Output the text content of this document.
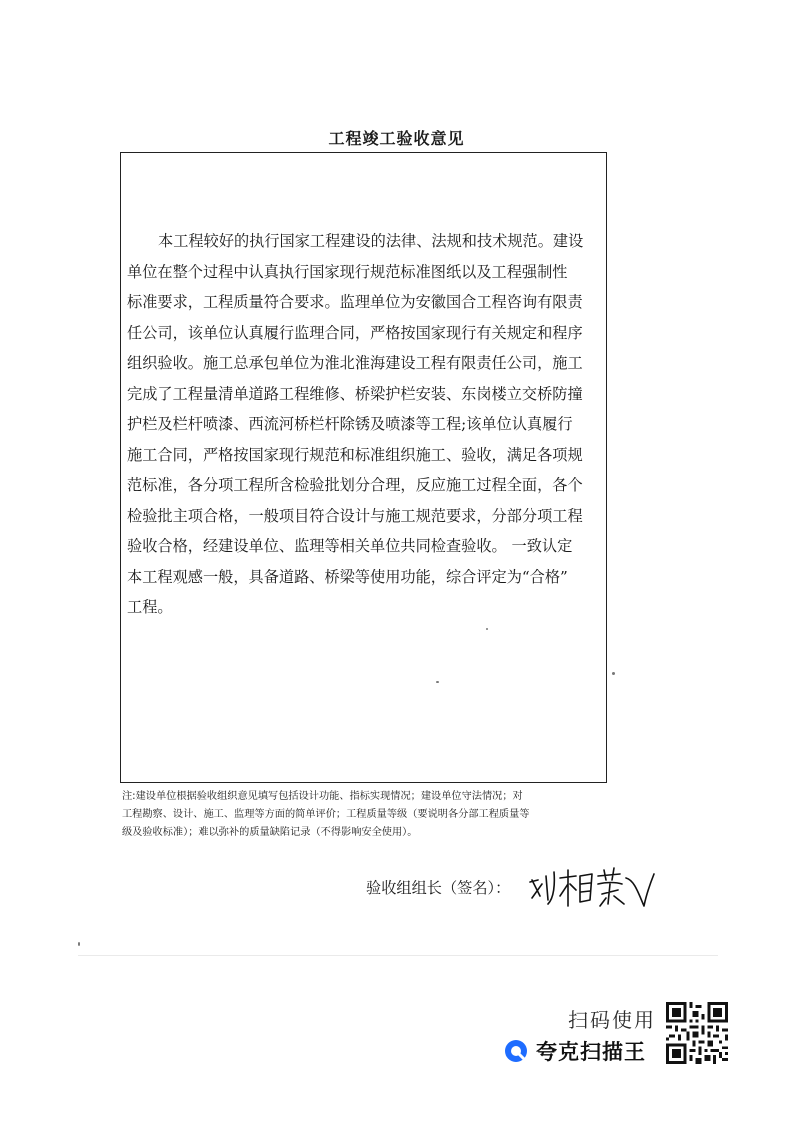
工程竣工验收意见
本工程较好的执行国家工程建设的法律、法规和技术规范。建设
单位在整个过程中认真执行国家现行规范标准图纸以及工程强制性
标准要求，工程质量符合要求。监理单位为安徽国合工程咨询有限责
任公司，该单位认真履行监理合同，严格按国家现行有关规定和程序
组织验收。施工总承包单位为淮北淮海建设工程有限责任公司，施工
完成了工程量清单道路工程维修、桥梁护栏安装、东岗楼立交桥防撞
护栏及栏杆喷漆、西流河桥栏杆除锈及喷漆等工程;该单位认真履行
施工合同，严格按国家现行规范和标准组织施工、验收，满足各项规
范标准，各分项工程所含检验批划分合理，反应施工过程全面，各个
检验批主项合格，一般项目符合设计与施工规范要求，分部分项工程
验收合格，经建设单位、监理等相关单位共同检查验收。 一致认定
本工程观感一般，具备道路、桥梁等使用功能，综合评定为“合格”
工程。
验收组组长（签名）：
注:建设单位根据验收组织意见填写包括设计功能、指标实现情况；建设单位守法情况；对
工程勘察、设计、施工、监理等方面的简单评价；工程质量等级（要说明各分部工程质量等
级及验收标准）；难以弥补的质量缺陷记录（不得影响安全使用）。
扫码使用
夸克扫描王
